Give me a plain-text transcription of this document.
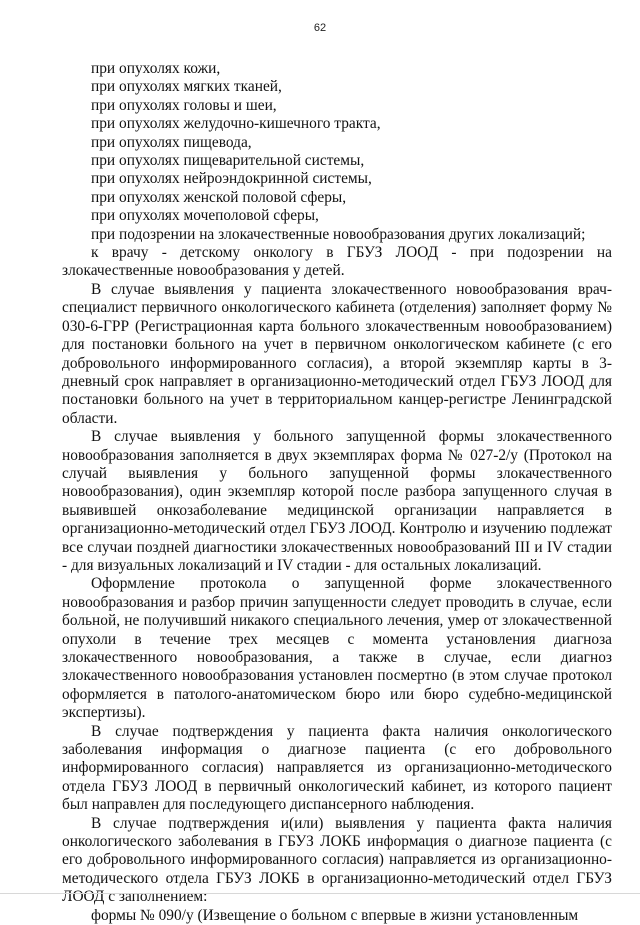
62

при опухолях кожи,

при опухолях мягких тканей,

при опухолях головы и шеи,

при опухолях желудочно-кишечного тракта,

при опухолях пищевода,

при опухолях пищеварительной системы,

при опухолях нейроэндокринной системы,

при опухолях женской половой сферы,

при опухолях мочеполовой сферы,

при подозрении на злокачественные новообразования других локализаций;

к врачу - детскому онкологу в ГБУЗ ЛООД - при подозрении на злокачественные новообразования у детей.

В случае выявления у пациента злокачественного новообразования врач-специалист первичного онкологического кабинета (отделения) заполняет форму № 030-6-ГРР (Регистрационная карта больного злокачественным новообразованием) для постановки больного на учет в первичном онкологическом кабинете (с его добровольного информированного согласия), а второй экземпляр карты в 3-дневный срок направляет в организационно-методический отдел ГБУЗ ЛООД для постановки больного на учет в территориальном канцер-регистре Ленинградской области.

В случае выявления у больного запущенной формы злокачественного новообразования заполняется в двух экземплярах форма № 027-2/у (Протокол на случай выявления у больного запущенной формы злокачественного новообразования), один экземпляр которой после разбора запущенного случая в выявившей онкозаболевание медицинской организации направляется в организационно-методический отдел ГБУЗ ЛООД. Контролю и изучению подлежат все случаи поздней диагностики злокачественных новообразований III и IV стадии - для визуальных локализаций и IV стадии - для остальных локализаций.

Оформление протокола о запущенной форме злокачественного новообразования и разбор причин запущенности следует проводить в случае, если больной, не получивший никакого специального лечения, умер от злокачественной опухоли в течение трех месяцев с момента установления диагноза злокачественного новообразования, а также в случае, если диагноз злокачественного новообразования установлен посмертно (в этом случае протокол оформляется в патолого-анатомическом бюро или бюро судебно-медицинской экспертизы).

В случае подтверждения у пациента факта наличия онкологического заболевания информация о диагнозе пациента (с его добровольного информированного согласия) направляется из организационно-методического отдела ГБУЗ ЛООД в первичный онкологический кабинет, из которого пациент был направлен для последующего диспансерного наблюдения.

В случае подтверждения и(или) выявления у пациента факта наличия онкологического заболевания в ГБУЗ ЛОКБ информация о диагнозе пациента (с его добровольного информированного согласия) направляется из организационно-методического отдела ГБУЗ ЛОКБ в организационно-методический отдел ГБУЗ ЛООД с заполнением:

формы № 090/у (Извещение о больном с впервые в жизни установленным
